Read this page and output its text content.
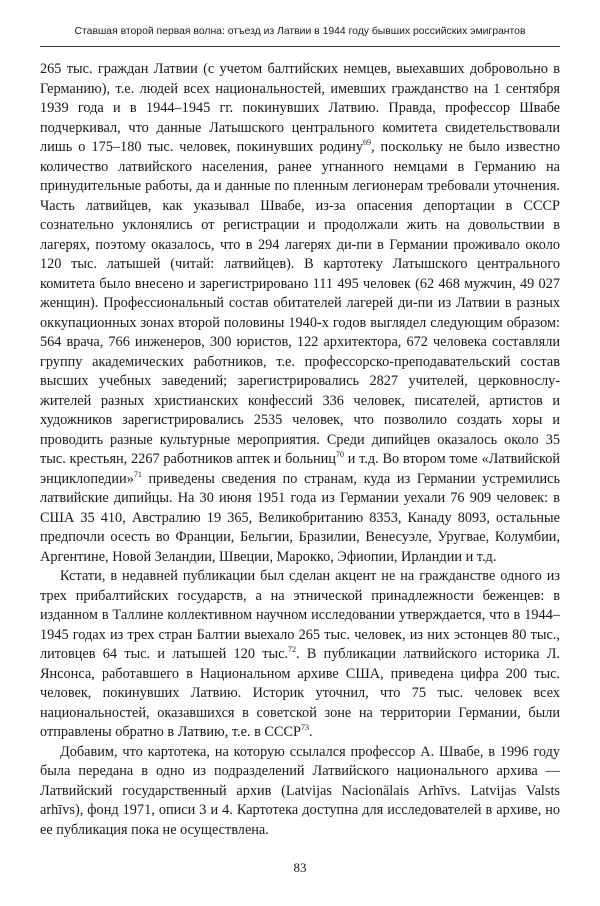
Ставшая второй первая волна: отъезд из Латвии в 1944 году бывших российских эмигрантов

265 тыс. граждан Латвии (с учетом балтийских немцев, выехавших добровольно в Германию), т.е. людей всех национальностей, имевших гражданство на 1 сентября 1939 года и в 1944–1945 гг. покинувших Латвию. Правда, профессор Швабе подчеркивал, что данные Латышского центрального комитета свидетельствовали лишь о 175–180 тыс. человек, покинувших родину$^{69}$, поскольку не было известно количество латвийского населения, ранее угнанного немцами в Германию на принудительные работы, да и данные по пленным легионерам требовали уточнения. Часть латвийцев, как указывал Швабе, из-за опасения депортации в СССР сознательно уклонялись от регистрации и продолжали жить на довольствии в лагерях, поэтому оказалось, что в 294 лагерях ди-пи в Германии проживало около 120 тыс. латышей (читай: латвийцев). В картотеку Латышского центрального комитета было внесено и зарегистрировано 111 495 человек (62 468 мужчин, 49 027 женщин). Профессиональный состав обитателей лагерей ди-пи из Латвии в разных оккупационных зонах второй половины 1940-х годов выглядел следующим образом: 564 врача, 766 инженеров, 300 юристов, 122 архитектора, 672 человека составляли группу академических работников, т.е. профессорско-преподавательский состав высших учебных заведений; зарегистрировались 2827 учителей, церковнослужителей разных христианских конфессий 336 человек, писателей, артистов и художников зарегистрировались 2535 человек, что позволило создать хоры и проводить разные культурные мероприятия. Среди дипийцев оказалось около 35 тыс. крестьян, 2267 работников аптек и больниц$^{70}$ и т.д. Во втором томе «Латвийской энциклопедии»$^{71}$ приведены сведения по странам, куда из Германии устремились латвийские дипийцы. На 30 июня 1951 года из Германии уехали 76 909 человек: в США 35 410, Австралию 19 365, Великобританию 8353, Канаду 8093, остальные предпочли осесть во Франции, Бельгии, Бразилии, Венесуэле, Уругвае, Колумбии, Аргентине, Новой Зеландии, Швеции, Марокко, Эфиопии, Ирландии и т.д.

Кстати, в недавней публикации был сделан акцент не на гражданстве одного из трех прибалтийских государств, а на этнической принадлежности беженцев: в изданном в Таллине коллективном научном исследовании утверждается, что в 1944–1945 годах из трех стран Балтии выехало 265 тыс. человек, из них эстонцев 80 тыс., литовцев 64 тыс. и латышей 120 тыс.$^{72}$. В публикации латвийского историка Л. Янсонса, работавшего в Национальном архиве США, приведена цифра 200 тыс. человек, покинувших Латвию. Историк уточнил, что 75 тыс. человек всех национальностей, оказавшихся в советской зоне на территории Германии, были отправлены обратно в Латвию, т.е. в СССР$^{73}$.

Добавим, что картотека, на которую ссылался профессор А. Швабе, в 1996 году была передана в одно из подразделений Латвийского национального архива — Латвийский государственный архив (Latvijas Nacionālais Arhīvs. Latvijas Valsts arhīvs), фонд 1971, описи 3 и 4. Картотека доступна для исследователей в архиве, но ее публикация пока не осуществлена.

83
